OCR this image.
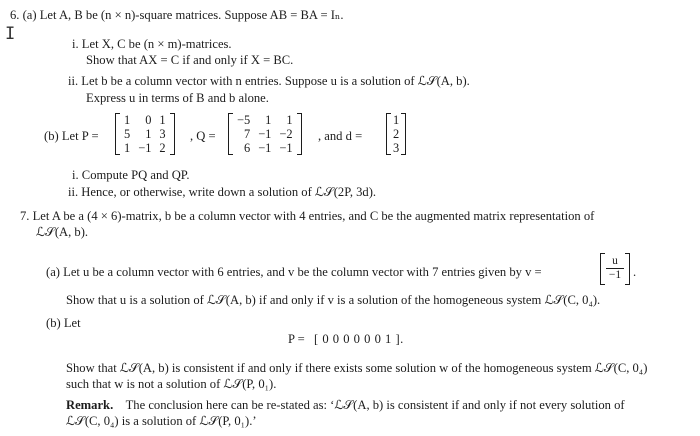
I
6. (a) Let A, B be (n × n)-square matrices. Suppose AB = BA = Iₙ.
i. Let X, C be (n × m)-matrices.
Show that AX = C if and only if X = BC.
ii. Let b be a column vector with n entries. Suppose u is a solution of ℒ𝒮(A, b).
Express u in terms of B and b alone.
(b) Let P =
1	0	1
5	1	3
1	−1	2
, Q =
−5	1	1
7	−1	−2
6	−1	−1
, and d =
1
2
3
i. Compute PQ and QP.
ii. Hence, or otherwise, write down a solution of ℒ𝒮(2P, 3d).
7. Let A be a (4 × 6)-matrix, b be a column vector with 4 entries, and C be the augmented matrix representation of
ℒ𝒮(A, b).
(a) Let u be a column vector with 6 entries, and v be the column vector with 7 entries given by v =
u
−1 .
Show that u is a solution of ℒ𝒮(A, b) if and only if v is a solution of the homogeneous system ℒ𝒮(C, 0₄).
(b) Let
P = [ 0 0 0 0 0 0 1 ].
Show that ℒ𝒮(A, b) is consistent if and only if there exists some solution w of the homogeneous system ℒ𝒮(C, 0₄)
such that w is not a solution of ℒ𝒮(P, 0₁).
Remark. The conclusion here can be re-stated as: ‘ℒ𝒮(A, b) is consistent if and only if not every solution of
ℒ𝒮(C, 0₄) is a solution of ℒ𝒮(P, 0₁).’
